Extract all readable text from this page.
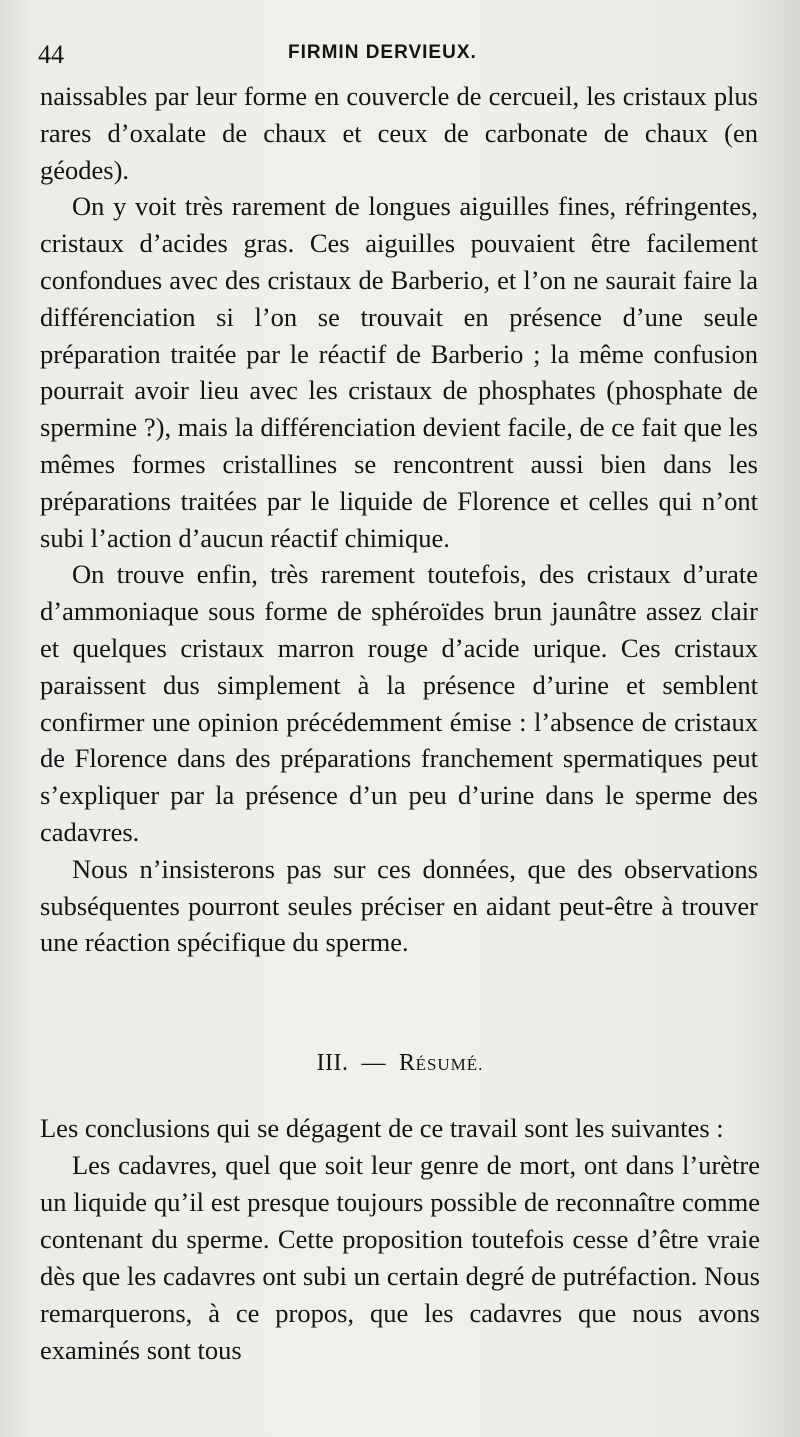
44	FIRMIN DERVIEUX.

naissables par leur forme en couvercle de cercueil, les cristaux plus rares d’oxalate de chaux et ceux de carbonate de chaux (en géodes).

On y voit très rarement de longues aiguilles fines, réfringentes, cristaux d’acides gras. Ces aiguilles pouvaient être facilement confondues avec des cristaux de Barberio, et l’on ne saurait faire la différenciation si l’on se trouvait en présence d’une seule préparation traitée par le réactif de Barberio ; la même confusion pourrait avoir lieu avec les cristaux de phosphates (phosphate de spermine ?), mais la différenciation devient facile, de ce fait que les mêmes formes cristallines se rencontrent aussi bien dans les préparations traitées par le liquide de Florence et celles qui n’ont subi l’action d’aucun réactif chimique.

On trouve enfin, très rarement toutefois, des cristaux d’urate d’ammoniaque sous forme de sphéroïdes brun jaunâtre assez clair et quelques cristaux marron rouge d’acide urique. Ces cristaux paraissent dus simplement à la présence d’urine et semblent confirmer une opinion précédemment émise : l’absence de cristaux de Florence dans des préparations franchement spermatiques peut s’expliquer par la présence d’un peu d’urine dans le sperme des cadavres.

Nous n’insisterons pas sur ces données, que des observations subséquentes pourront seules préciser en aidant peut-être à trouver une réaction spécifique du sperme.

III. — RÉSUMÉ.

Les conclusions qui se dégagent de ce travail sont les suivantes :

Les cadavres, quel que soit leur genre de mort, ont dans l’urètre un liquide qu’il est presque toujours possible de reconnaître comme contenant du sperme. Cette proposition toutefois cesse d’être vraie dès que les cadavres ont subi un certain degré de putréfaction. Nous remarquerons, à ce propos, que les cadavres que nous avons examinés sont tous
